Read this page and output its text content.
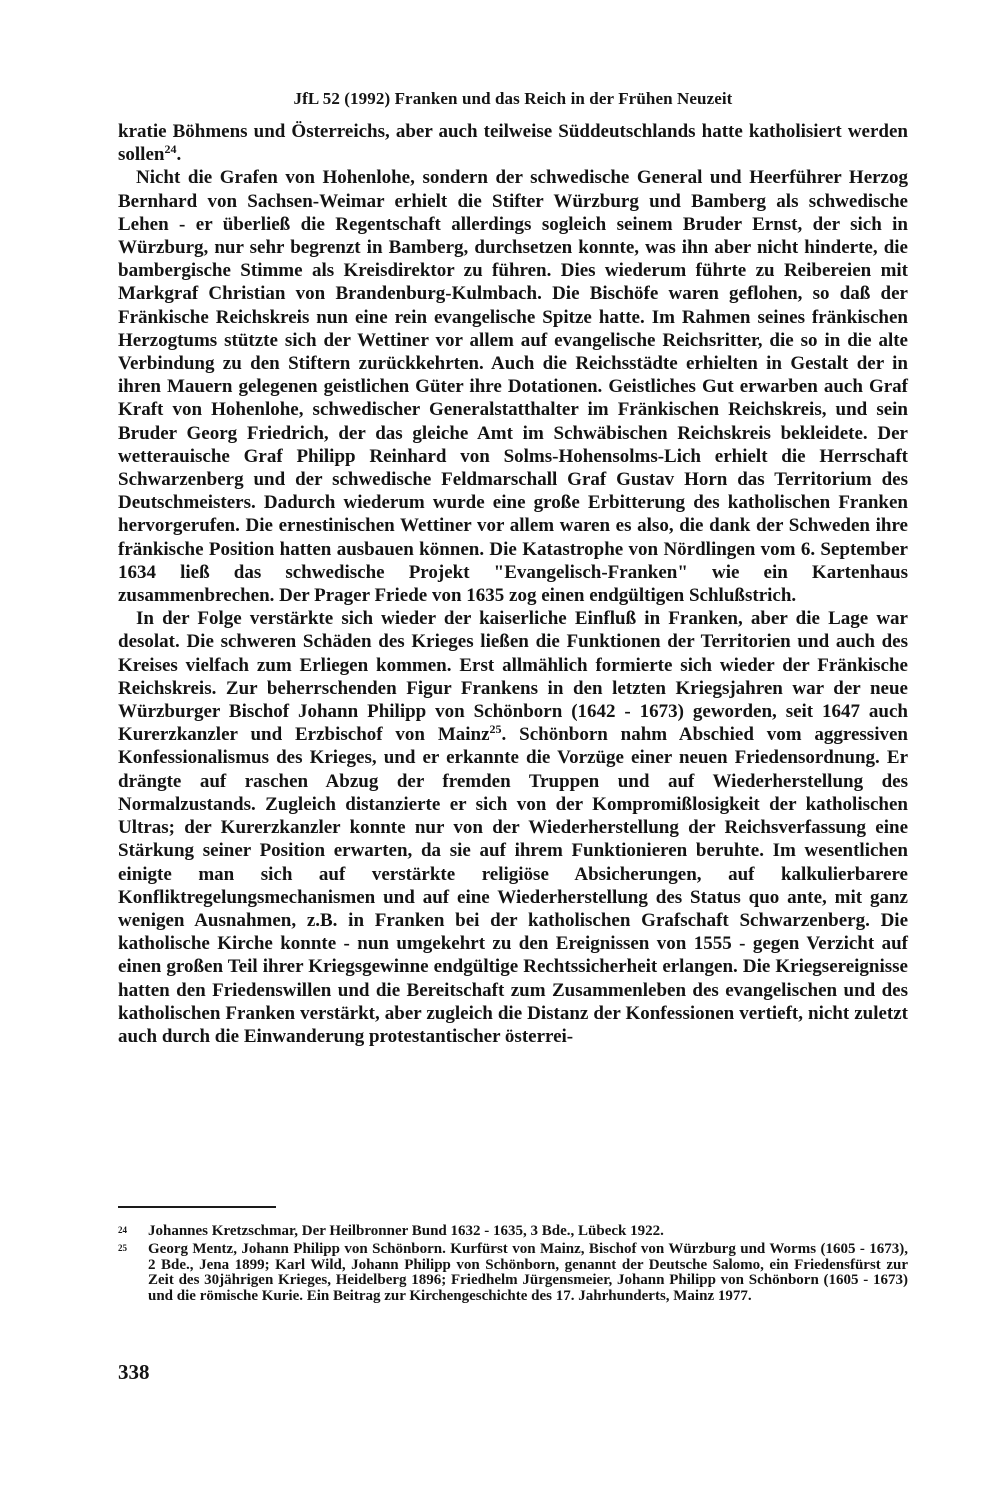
JfL 52 (1992) Franken und das Reich in der Frühen Neuzeit

kratie Böhmens und Österreichs, aber auch teilweise Süddeutschlands hatte katholisiert werden sollen$^{24}$.

Nicht die Grafen von Hohenlohe, sondern der schwedische General und Heerführer Herzog Bernhard von Sachsen-Weimar erhielt die Stifter Würzburg und Bamberg als schwedische Lehen - er überließ die Regentschaft allerdings sogleich seinem Bruder Ernst, der sich in Würzburg, nur sehr begrenzt in Bamberg, durchsetzen konnte, was ihn aber nicht hinderte, die bambergische Stimme als Kreisdirektor zu führen. Dies wiederum führte zu Reibereien mit Markgraf Christian von Brandenburg-Kulmbach. Die Bischöfe waren geflohen, so daß der Fränkische Reichskreis nun eine rein evangelische Spitze hatte. Im Rahmen seines fränkischen Herzogtums stützte sich der Wettiner vor allem auf evangelische Reichsritter, die so in die alte Verbindung zu den Stiftern zurückkehrten. Auch die Reichsstädte erhielten in Gestalt der in ihren Mauern gelegenen geistlichen Güter ihre Dotationen. Geistliches Gut erwarben auch Graf Kraft von Hohenlohe, schwedischer Generalstatthalter im Fränkischen Reichskreis, und sein Bruder Georg Friedrich, der das gleiche Amt im Schwäbischen Reichskreis bekleidete. Der wetterauische Graf Philipp Reinhard von Solms-Hohensolms-Lich erhielt die Herrschaft Schwarzenberg und der schwedische Feldmarschall Graf Gustav Horn das Territorium des Deutschmeisters. Dadurch wiederum wurde eine große Erbitterung des katholischen Franken hervorgerufen. Die ernestinischen Wettiner vor allem waren es also, die dank der Schweden ihre fränkische Position hatten ausbauen können. Die Katastrophe von Nördlingen vom 6. September 1634 ließ das schwedische Projekt "Evangelisch-Franken" wie ein Kartenhaus zusammenbrechen. Der Prager Friede von 1635 zog einen endgültigen Schlußstrich.

In der Folge verstärkte sich wieder der kaiserliche Einfluß in Franken, aber die Lage war desolat. Die schweren Schäden des Krieges ließen die Funktionen der Territorien und auch des Kreises vielfach zum Erliegen kommen. Erst allmählich formierte sich wieder der Fränkische Reichskreis. Zur beherrschenden Figur Frankens in den letzten Kriegsjahren war der neue Würzburger Bischof Johann Philipp von Schönborn (1642 - 1673) geworden, seit 1647 auch Kurerzkanzler und Erzbischof von Mainz$^{25}$. Schönborn nahm Abschied vom aggressiven Konfessionalismus des Krieges, und er erkannte die Vorzüge einer neuen Friedensordnung. Er drängte auf raschen Abzug der fremden Truppen und auf Wiederherstellung des Normalzustands. Zugleich distanzierte er sich von der Kompromißlosigkeit der katholischen Ultras; der Kurerzkanzler konnte nur von der Wiederherstellung der Reichsverfassung eine Stärkung seiner Position erwarten, da sie auf ihrem Funktionieren beruhte. Im wesentlichen einigte man sich auf verstärkte religiöse Absicherungen, auf kalkulierbarere Konfliktregelungsmechanismen und auf eine Wiederherstellung des Status quo ante, mit ganz wenigen Ausnahmen, z.B. in Franken bei der katholischen Grafschaft Schwarzenberg. Die katholische Kirche konnte - nun umgekehrt zu den Ereignissen von 1555 - gegen Verzicht auf einen großen Teil ihrer Kriegsgewinne endgültige Rechtssicherheit erlangen. Die Kriegsereignisse hatten den Friedenswillen und die Bereitschaft zum Zusammenleben des evangelischen und des katholischen Franken verstärkt, aber zugleich die Distanz der Konfessionen vertieft, nicht zuletzt auch durch die Einwanderung protestantischer österrei-

24 Johannes Kretzschmar, Der Heilbronner Bund 1632 - 1635, 3 Bde., Lübeck 1922.
25 Georg Mentz, Johann Philipp von Schönborn. Kurfürst von Mainz, Bischof von Würzburg und Worms (1605 - 1673), 2 Bde., Jena 1899; Karl Wild, Johann Philipp von Schönborn, genannt der Deutsche Salomo, ein Friedensfürst zur Zeit des 30jährigen Krieges, Heidelberg 1896; Friedhelm Jürgensmeier, Johann Philipp von Schönborn (1605 - 1673) und die römische Kurie. Ein Beitrag zur Kirchengeschichte des 17. Jahrhunderts, Mainz 1977.
338
